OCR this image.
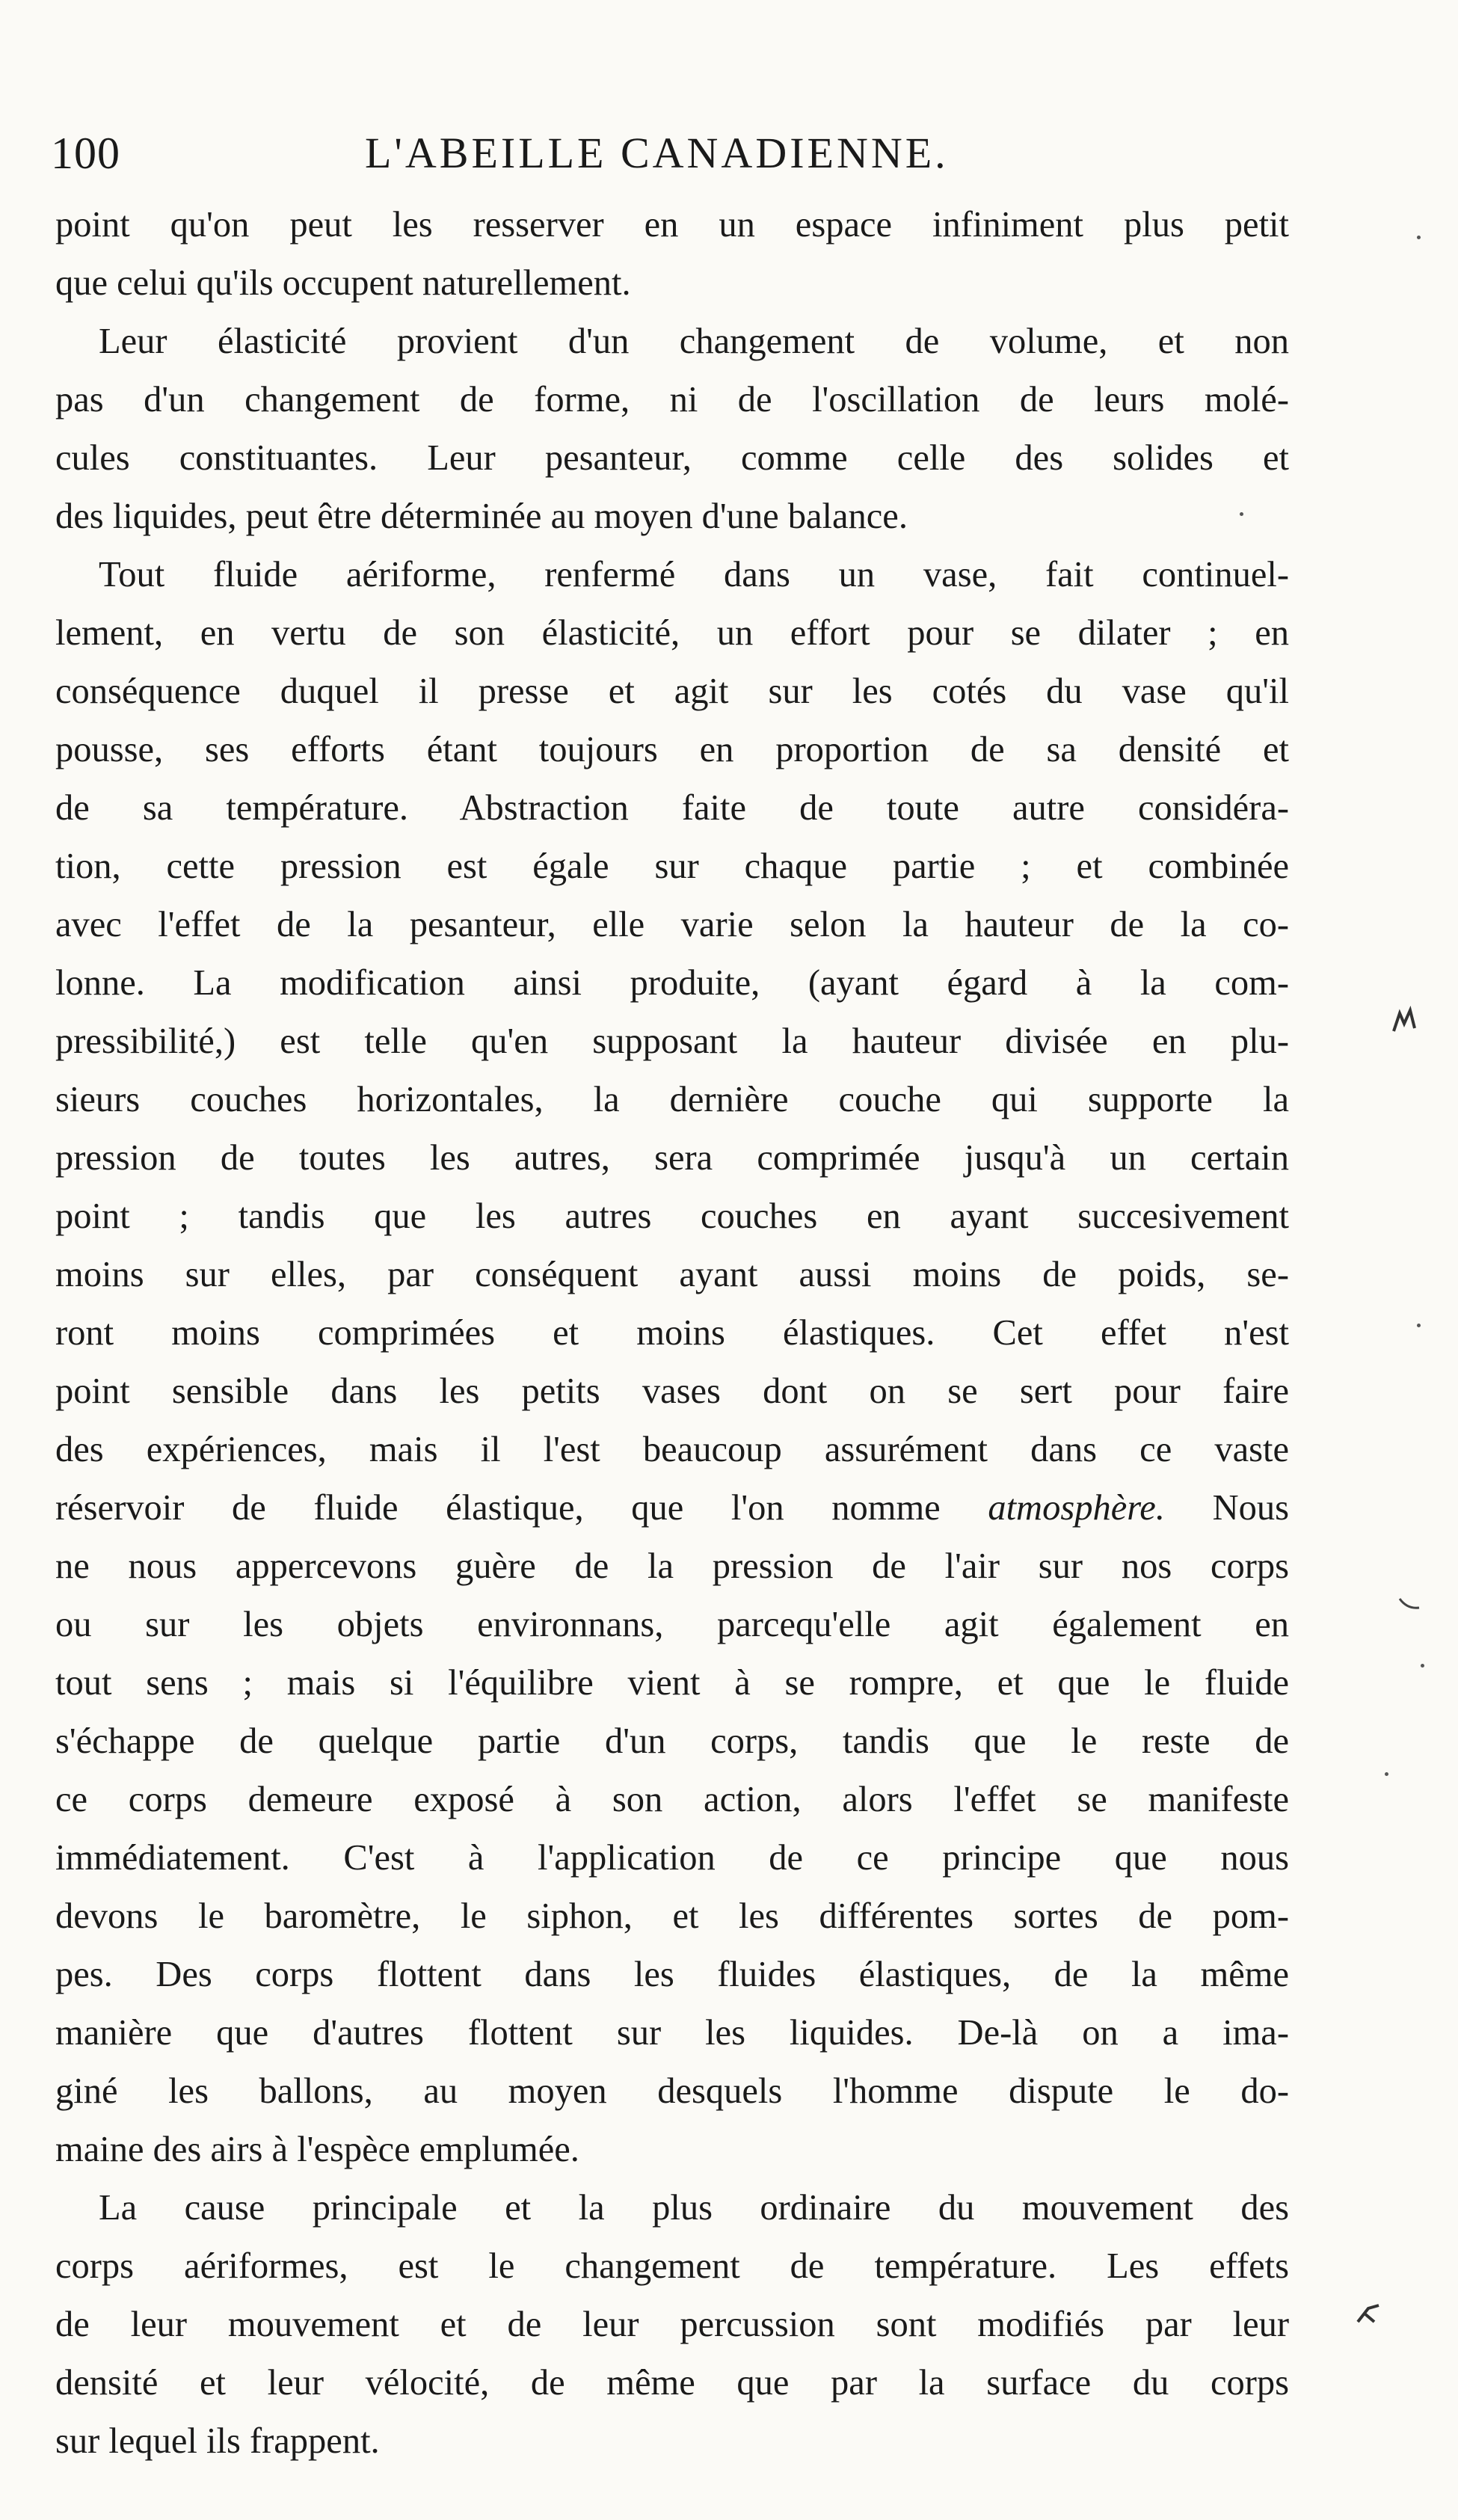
100	L'ABEILLE CANADIENNE.
point qu'on peut les resserver en un espace infiniment plus petit
que celui qu'ils occupent naturellement.
Leur élasticité provient d'un changement de volume, et non
pas d'un changement de forme, ni de l'oscillation de leurs molé-
cules constituantes. Leur pesanteur, comme celle des solides et
des liquides, peut être déterminée au moyen d'une balance.
Tout fluide aériforme, renfermé dans un vase, fait continuel-
lement, en vertu de son élasticité, un effort pour se dilater ; en
conséquence duquel il presse et agit sur les cotés du vase qu'il
pousse, ses efforts étant toujours en proportion de sa densité et
de sa température. Abstraction faite de toute autre considéra-
tion, cette pression est égale sur chaque partie ; et combinée
avec l'effet de la pesanteur, elle varie selon la hauteur de la co-
lonne. La modification ainsi produite, (ayant égard à la com-
pressibilité,) est telle qu'en supposant la hauteur divisée en plu-
sieurs couches horizontales, la dernière couche qui supporte la
pression de toutes les autres, sera comprimée jusqu'à un certain
point ; tandis que les autres couches en ayant succesivement
moins sur elles, par conséquent ayant aussi moins de poids, se-
ront moins comprimées et moins élastiques. Cet effet n'est
point sensible dans les petits vases dont on se sert pour faire
des expériences, mais il l'est beaucoup assurément dans ce vaste
réservoir de fluide élastique, que l'on nomme atmosphère. Nous
ne nous appercevons guère de la pression de l'air sur nos corps
ou sur les objets environnans, parcequ'elle agit également en
tout sens ; mais si l'équilibre vient à se rompre, et que le fluide
s'échappe de quelque partie d'un corps, tandis que le reste de
ce corps demeure exposé à son action, alors l'effet se manifeste
immédiatement. C'est à l'application de ce principe que nous
devons le baromètre, le siphon, et les différentes sortes de pom-
pes. Des corps flottent dans les fluides élastiques, de la même
manière que d'autres flottent sur les liquides. De-là on a ima-
giné les ballons, au moyen desquels l'homme dispute le do-
maine des airs à l'espèce emplumée.
La cause principale et la plus ordinaire du mouvement des
corps aériformes, est le changement de température. Les effets
de leur mouvement et de leur percussion sont modifiés par leur
densité et leur vélocité, de même que par la surface du corps
sur lequel ils frappent.
